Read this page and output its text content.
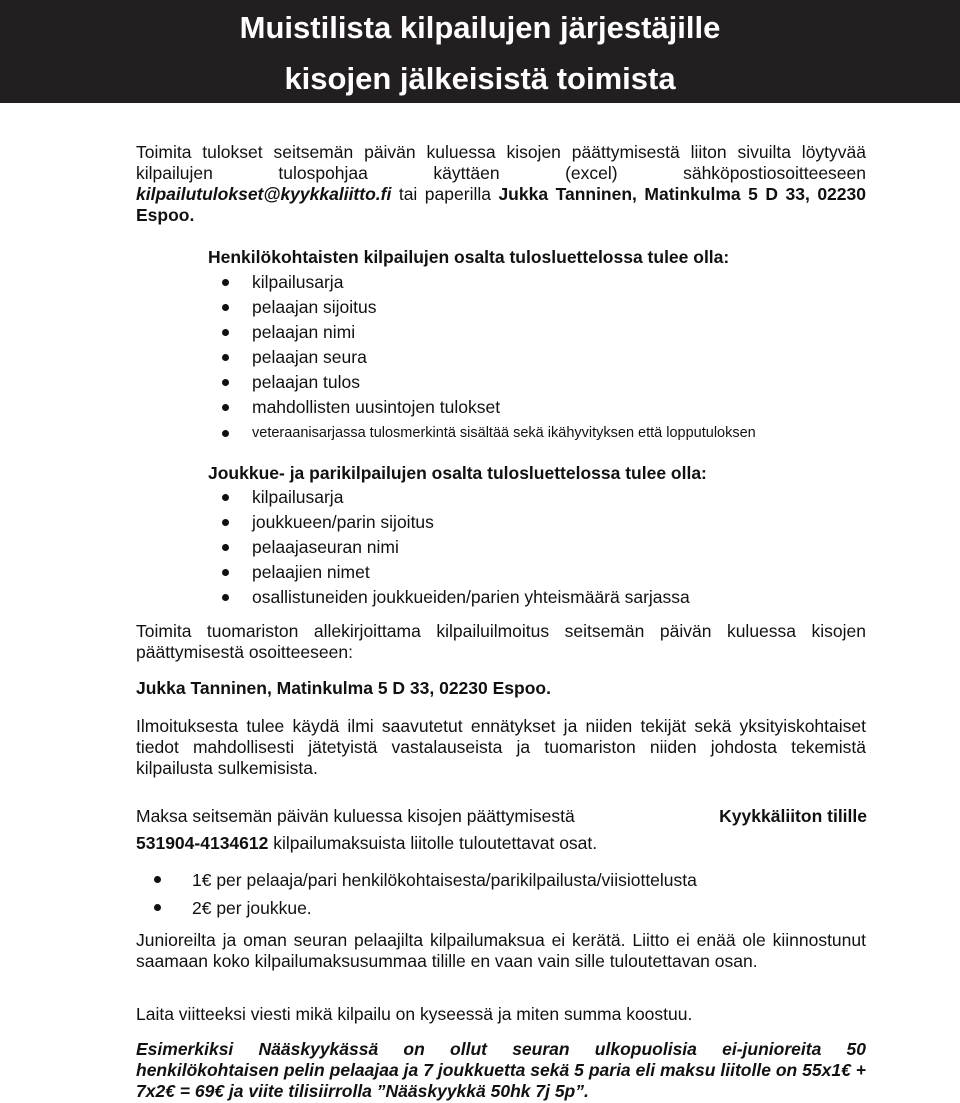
Muistilista kilpailujen järjestäjille
kisojen jälkeisistä toimista
Toimita tulokset seitsemän päivän kuluessa kisojen päättymisestä liiton sivuilta löytyvää kilpailujen tulospohjaa käyttäen (excel) sähköpostiosoitteeseen kilpailutulokset@kyykkaliitto.fi tai paperilla Jukka Tanninen, Matinkulma 5 D 33, 02230 Espoo.
Henkilökohtaisten kilpailujen osalta tulosluettelossa tulee olla:
kilpailusarja
pelaajan sijoitus
pelaajan nimi
pelaajan seura
pelaajan tulos
mahdollisten uusintojen tulokset
veteraanisarjassa tulosmerkintä sisältää sekä ikähyvityksen että lopputuloksen
Joukkue- ja parikilpailujen osalta tulosluettelossa tulee olla:
kilpailusarja
joukkueen/parin sijoitus
pelaajaseuran nimi
pelaajien nimet
osallistuneiden joukkueiden/parien yhteismäärä sarjassa
Toimita tuomariston allekirjoittama kilpailuilmoitus seitsemän päivän kuluessa kisojen päättymisestä osoitteeseen:
Jukka Tanninen, Matinkulma 5 D 33, 02230 Espoo.
Ilmoituksesta tulee käydä ilmi saavutetut ennätykset ja niiden tekijät sekä yksityiskohtaiset tiedot mahdollisesti jätetyistä vastalauseista ja tuomariston niiden johdosta tekemistä kilpailusta sulkemisista.
Maksa seitsemän päivän kuluessa kisojen päättymisestä	Kyykkäliiton tilille
531904-4134612 kilpailumaksuista liitolle tuloutettavat osat.
1€ per pelaaja/pari henkilökohtaisesta/parikilpailusta/viisiottelusta
2€ per joukkue.
Junioreilta ja oman seuran pelaajilta kilpailumaksua ei kerätä. Liitto ei enää ole kiinnostunut saamaan koko kilpailumaksusummaa tilille en vaan vain sille tuloutettavan osan.
Laita viitteeksi viesti mikä kilpailu on kyseessä ja miten summa koostuu.
Esimerkiksi Nääskyykässä on ollut seuran ulkopuolisia ei-junioreita 50 henkilökohtaisen pelin pelaajaa ja 7 joukkuetta sekä 5 paria eli maksu liitolle on 55x1€ + 7x2€ = 69€ ja viite tilisiirrolla ”Nääskyykkä 50hk 7j 5p”.
